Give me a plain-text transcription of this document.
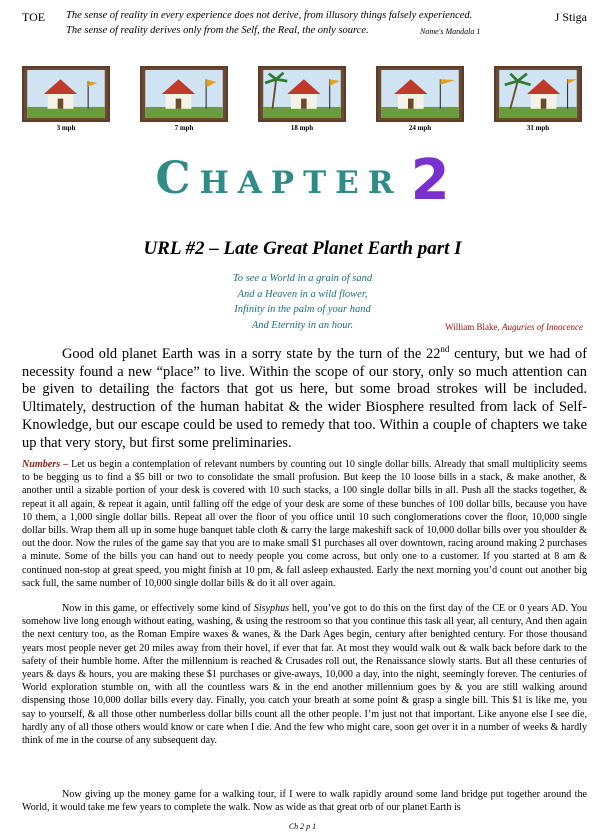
TOE The sense of reality in every experience does not derive, from illusory things falsely experienced.	J Stiga
The sense of reality derives only from the Self, the Real, the only source.	Nome's Mandala 1
3 mph	7 mph	18 mph	24 mph	31 mph
Chapter 2
URL #2 – Late Great Planet Earth part I
To see a World in a grain of sand
And a Heaven in a wild flower,
Infinity in the palm of your hand
And Eternity in an hour.	William Blake, Auguries of Innocence
Good old planet Earth was in a sorry state by the turn of the 22nd century, but we had of necessity found a new “place” to live. Within the scope of our story, only so much attention can be given to detailing the factors that got us here, but some broad strokes will be included. Ultimately, destruction of the human habitat & the wider Biosphere resulted from lack of Self-Knowledge, but our escape could be used to remedy that too. Within a couple of chapters we take up that very story, but first some preliminaries.
Numbers – Let us begin a contemplation of relevant numbers by counting out 10 single dollar bills. Already that small multiplicity seems to be begging us to find a $5 bill or two to consolidate the small profusion. But keep the 10 loose bills in a stack, & make another, & another until a sizable portion of your desk is covered with 10 such stacks, a 100 single dollar bills in all. Push all the stacks together, & repeat it all again, & repeat it again, until falling off the edge of your desk are some of these bunches of 100 dollar bills, because you have 10 them, a 1,000 single dollar bills. Repeat all over the floor of you office until 10 such conglomerations cover the floor, 10,000 single dollar bills. Wrap them all up in some huge banquet table cloth & carry the large makeshift sack of 10,000 dollar bills over you shoulder & out the door. Now the rules of the game say that you are to make small $1 purchases all over downtown, racing around making 2 purchases a minute. Some of the bills you can hand out to needy people you come across, but only one to a customer. If you started at 8 am & continued non-stop at great speed, you might finish at 10 pm, & fall asleep exhausted. Early the next morning you’d count out another big sack full, the same number of 10,000 single dollar bills & do it all over again.
Now in this game, or effectively some kind of Sisyphus hell, you’ve got to do this on the first day of the CE or 0 years AD. You somehow live long enough without eating, washing, & using the restroom so that you continue this task all year, all century, And then again the next century too, as the Roman Empire waxes & wanes, & the Dark Ages begin, century after benighted century. For those thousand years most people never get 20 miles away from their hovel, if ever that far. At most they would walk out & walk back before dark to the safety of their humble home. After the millennium is reached & Crusades roll out, the Renaissance slowly starts. But all these centuries of years & days & hours, you are making these $1 purchases or give-aways, 10,000 a day, into the night, seemingly forever. The centuries of World exploration stumble on, with all the countless wars & in the end another millennium goes by & you are still walking around dispensing those 10,000 dollar bills every day. Finally, you catch your breath at some point & grasp a single bill. This $1 is like me, you say to yourself, & all those other numberless dollar bills count all the other people. I’m just not that important. Like anyone else I see die, hardly any of all those others would know or care when I die. And the few who might care, soon get over it in a number of weeks & hardly think of me in the course of any subsequent day.
Now giving up the money game for a walking tour, if I were to walk rapidly around some land bridge put together around the World, it would take me few years to complete the walk. Now as wide as that great orb of our planet Earth is
Ch 2 p 1
